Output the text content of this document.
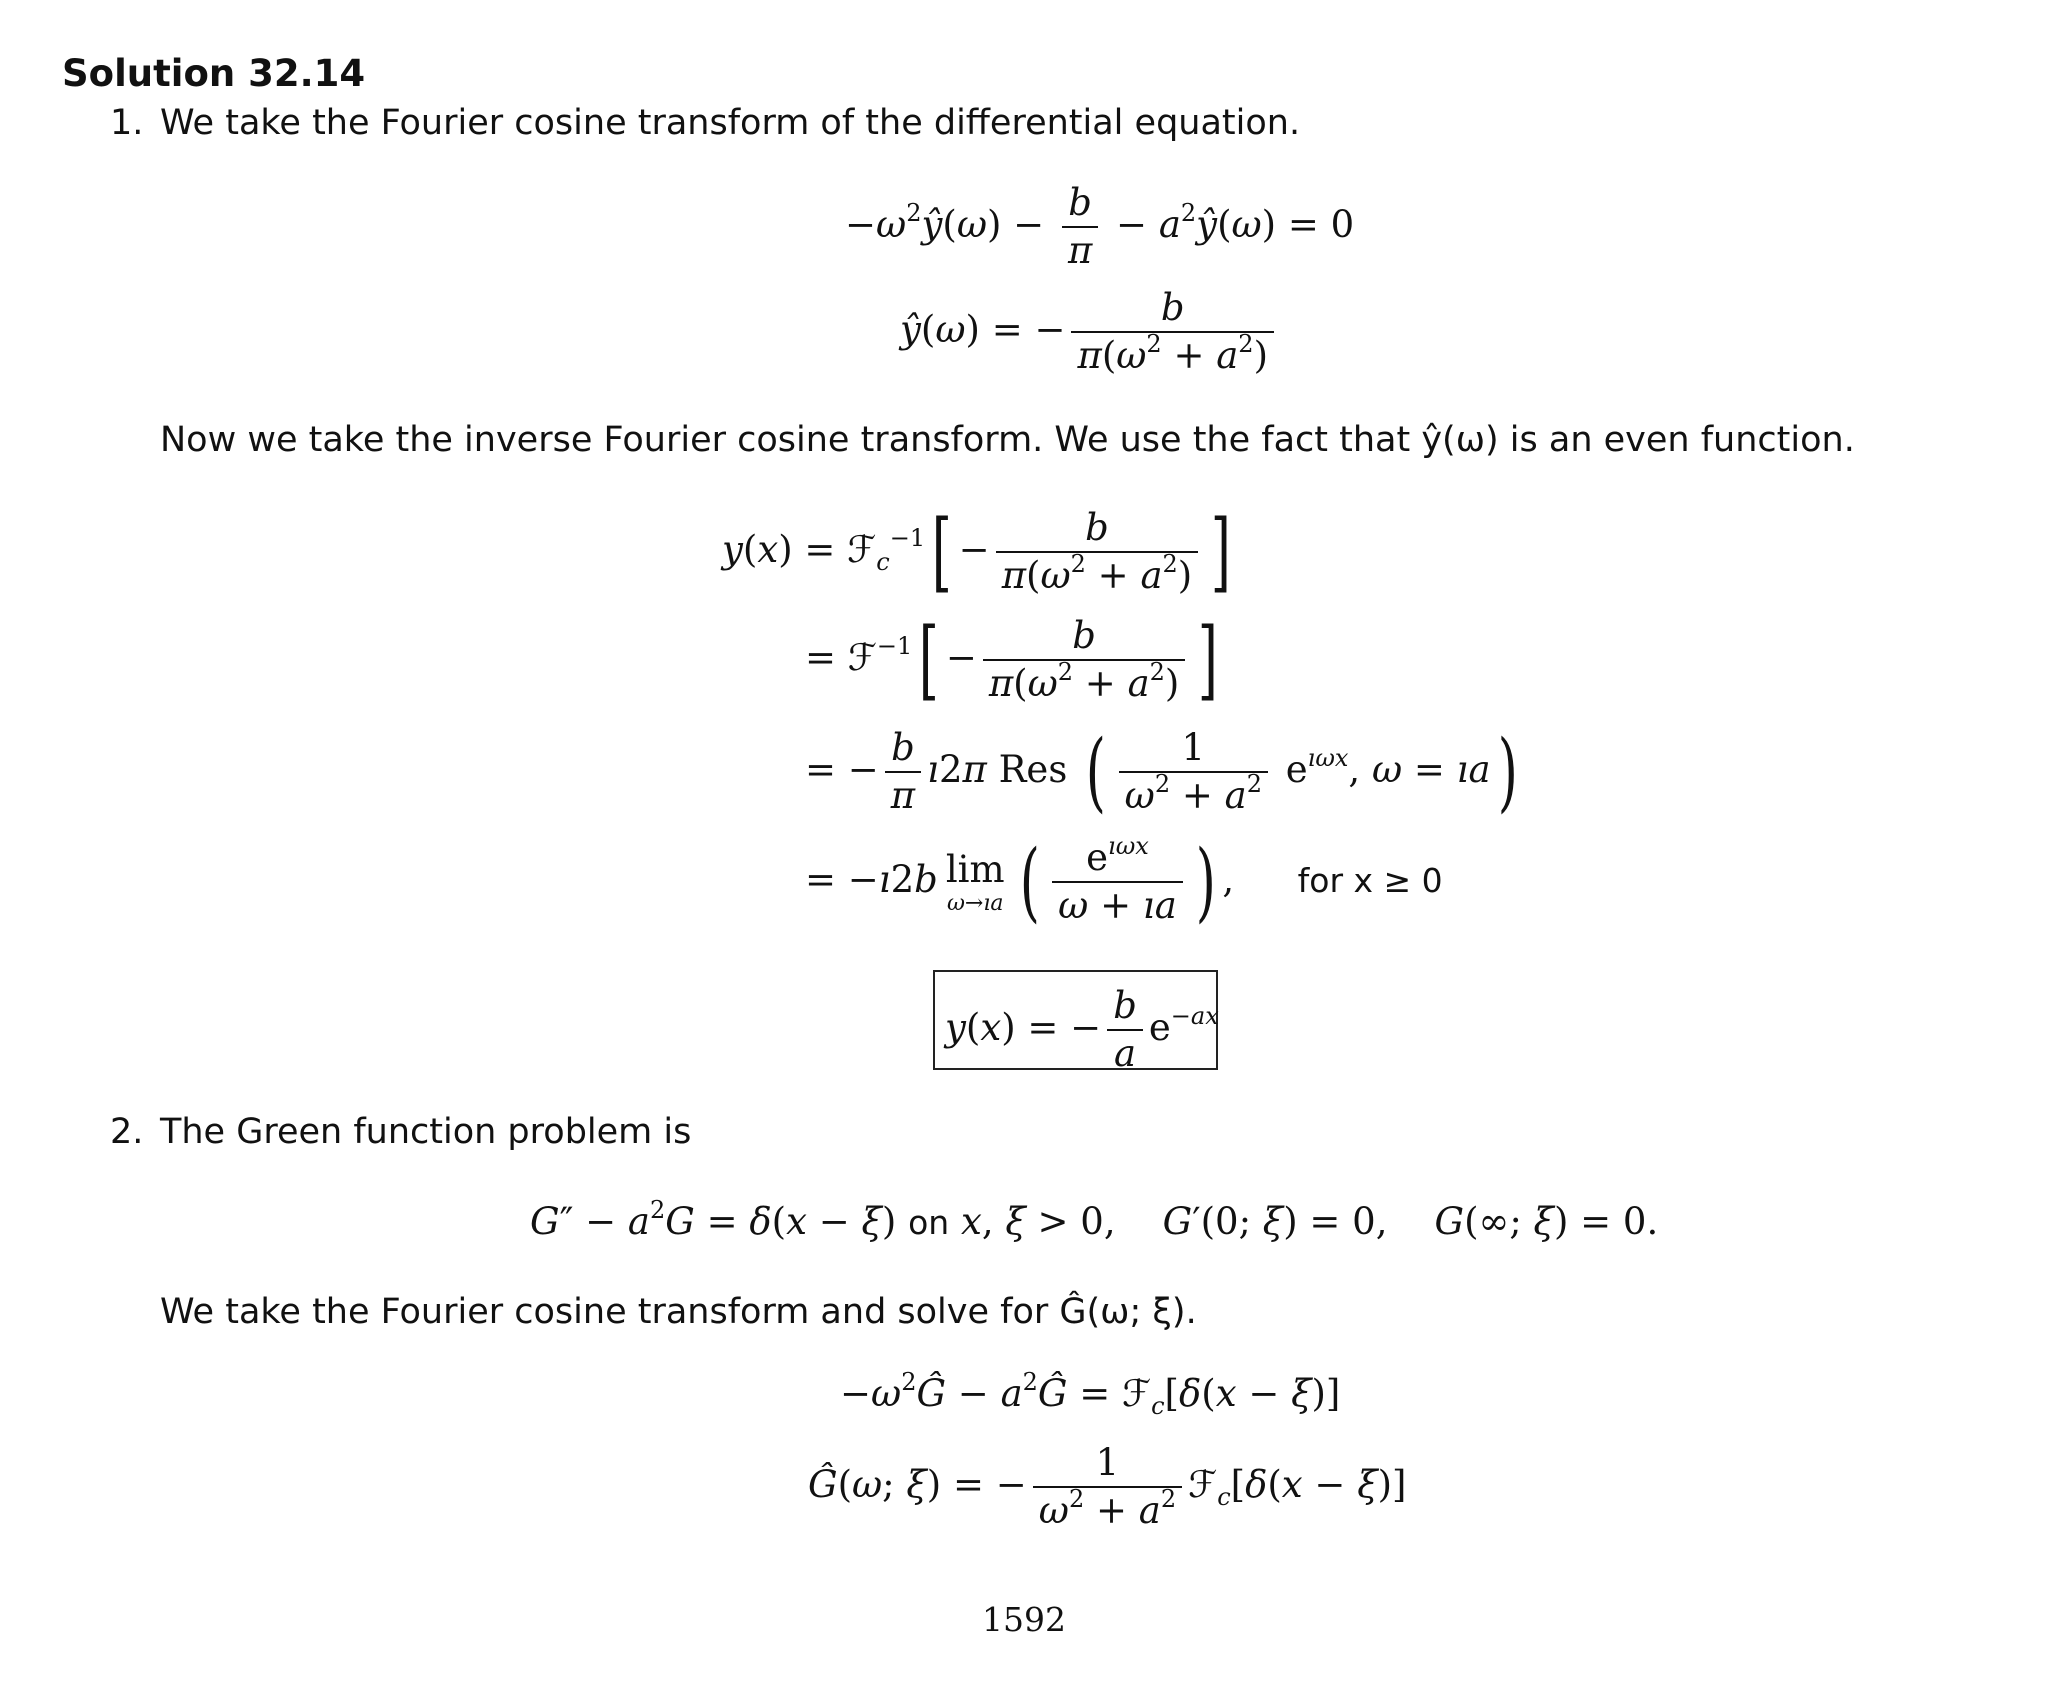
Solution 32.14
1. We take the Fourier cosine transform of the differential equation.
$-\omega^2ŷ(\omega) - \frac{b}{\pi}$ − $a^2ŷ(\omega) = 0$
ŷ(ω) = − $\frac{b}{\pi(\omega^2 + a^2)}$
Now we take the inverse Fourier cosine transform. We use the fact that ŷ(ω) is an even function.
y(x) = ℱ$_c^{-1}$[ − $\frac{b}{\pi(\omega^2 + a^2)}$ ]
= ℱ$^{-1}$[ − $\frac{b}{\pi(\omega^2 + a^2)}$ ]
= − $\frac{b}{\pi}$ ı2π Res ( $\frac{1}{\omega^2 + a^2} e^{ı\omega x}$, ω = ıa)
= −ı2b lim
ω→ıa ( $\frac{e^{ı\omega x}}{\omega + ıa}$ ) ,  for x ≥ 0
y(x) = − $\frac{b}{a} e^{-ax}$
2. The Green function problem is
$G'' - a^2G = \delta(x - \xi)$ on x, ξ > 0,    G′(0; ξ) = 0,    G(∞; ξ) = 0.
We take the Fourier cosine transform and solve for Ĝ(ω; ξ).
$-\omega^2Ĝ$ − $a^2Ĝ$ = ℱ$_c$[δ(x − ξ)]
Ĝ(ω; ξ) = − $\frac{1}{\omega^2 + a^2}$ ℱ$_c$[δ(x − ξ)]
1592
